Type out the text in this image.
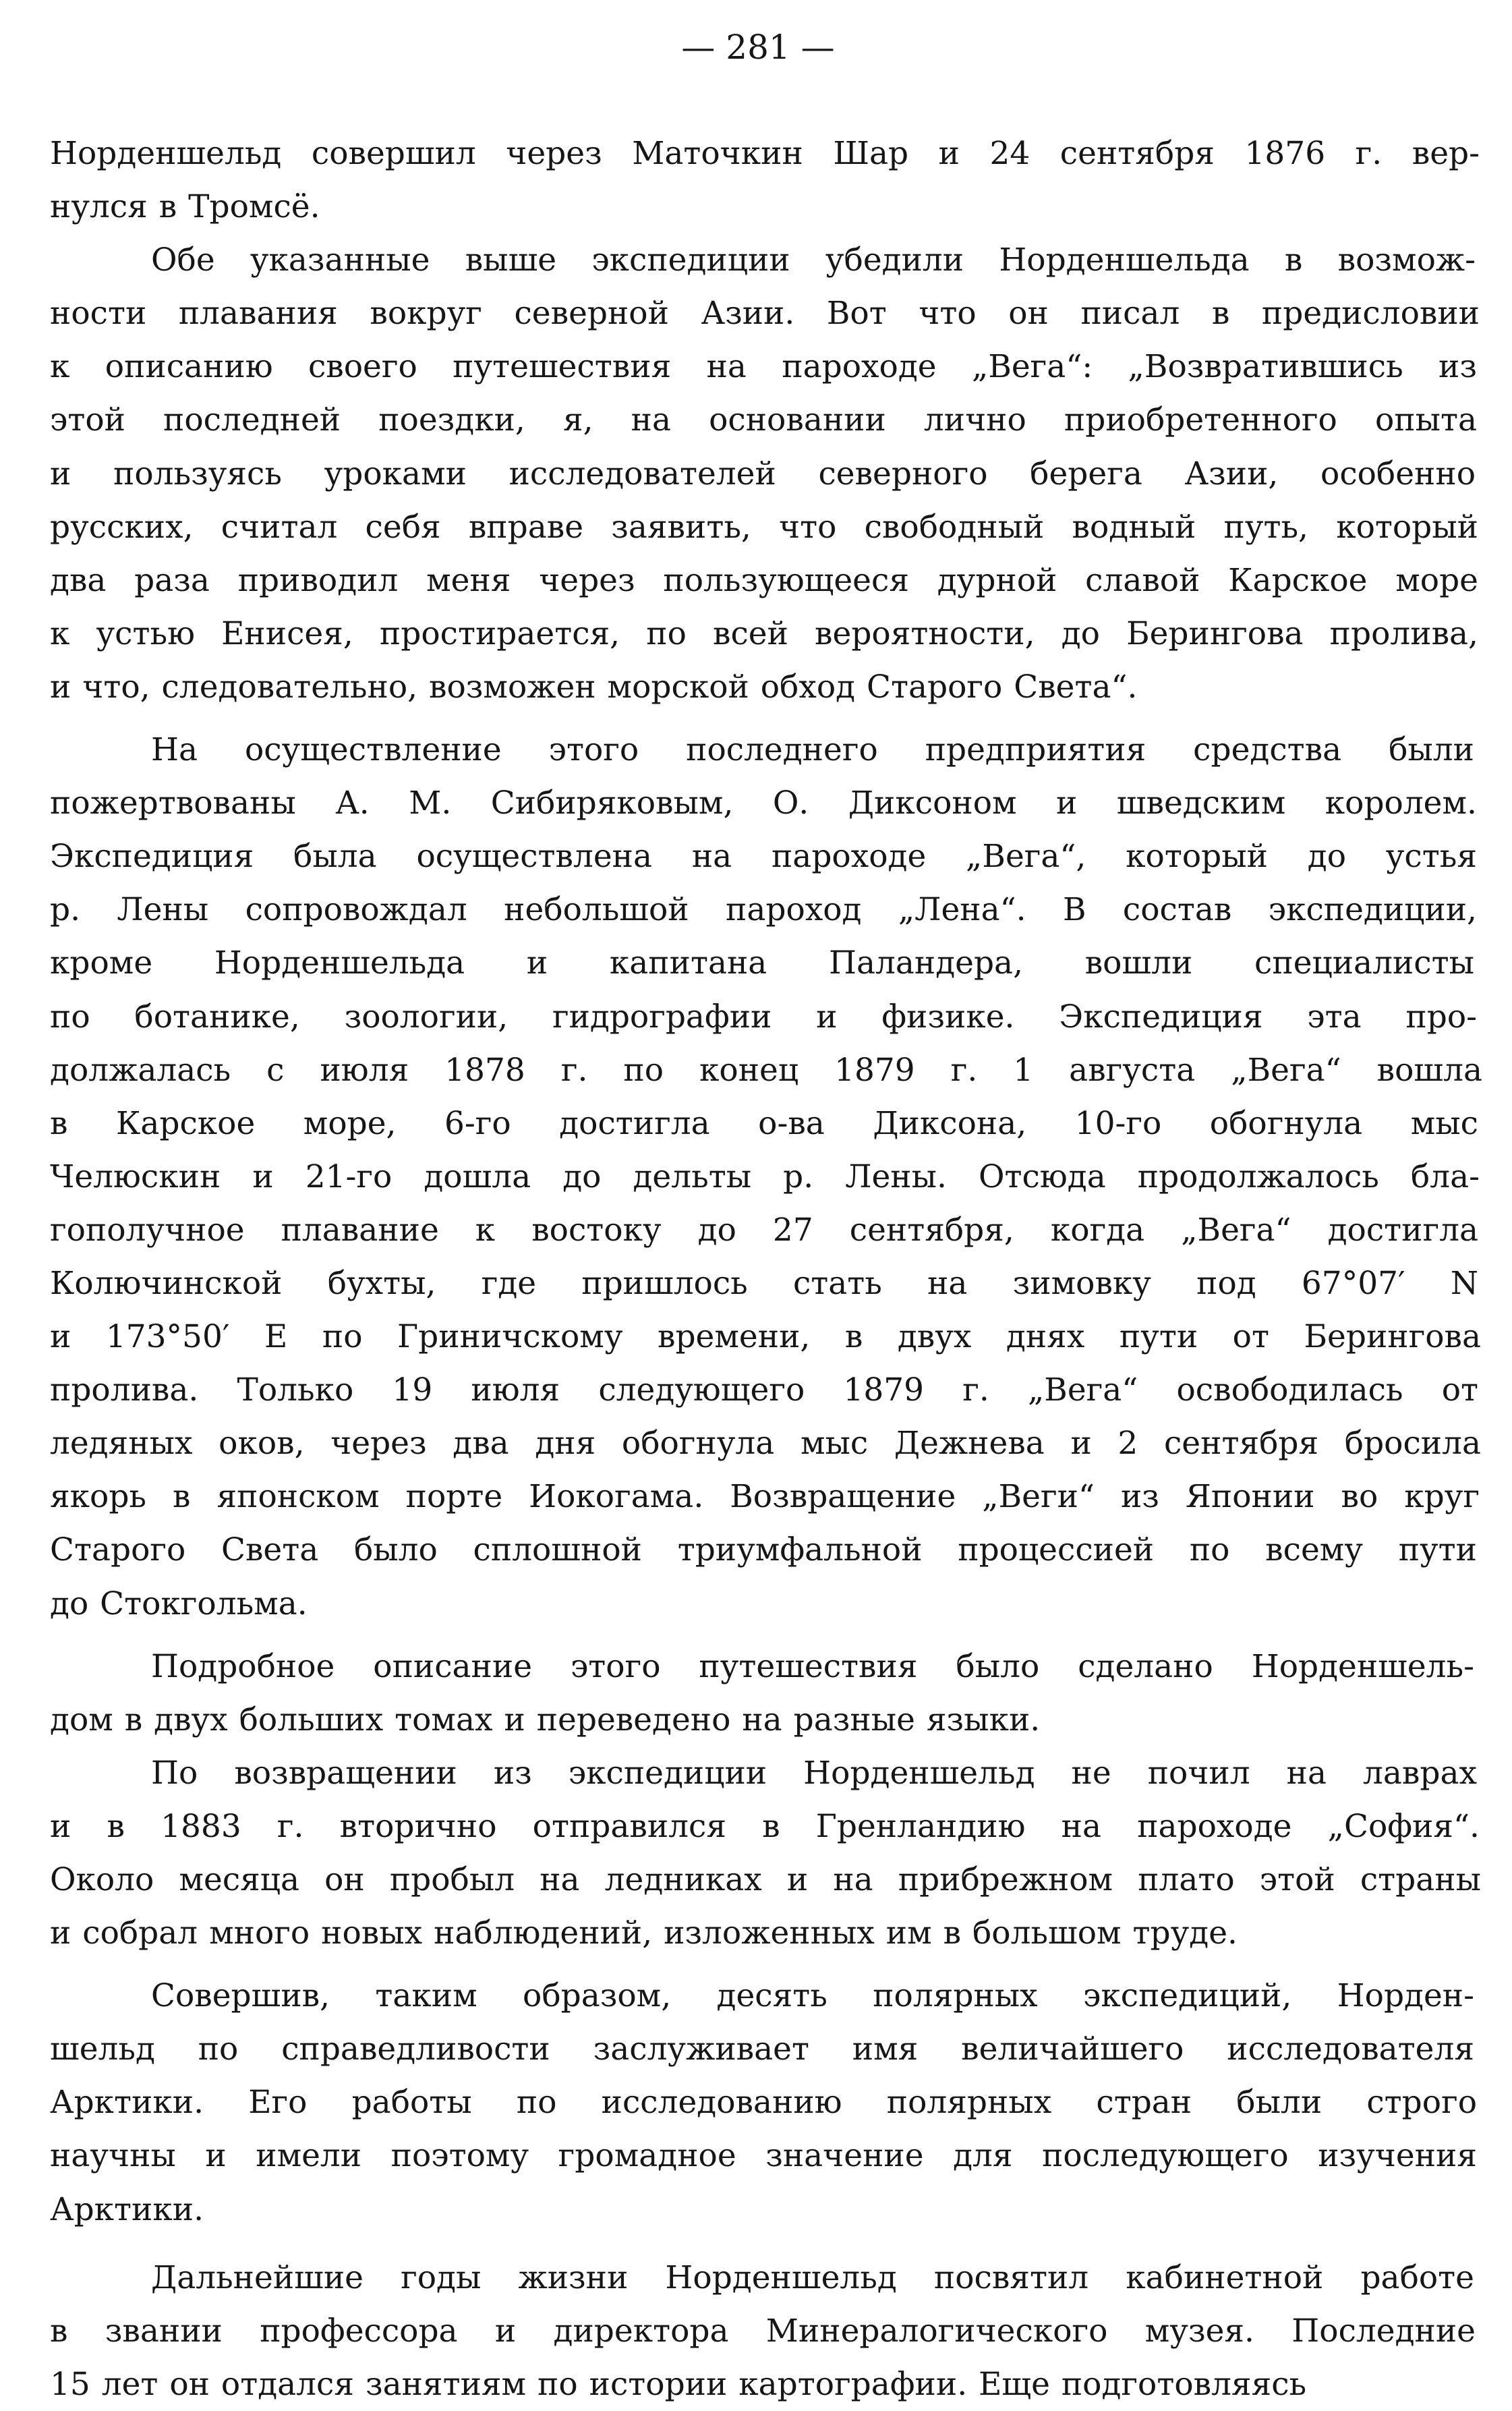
— 281 —
Норденшельд совершил через Маточкин Шар и 24 сентября 1876 г. вер-
нулся в Тромсё.
Обе указанные выше экспедиции убедили Норденшельда в возмож-
ности плавания вокруг северной Азии. Вот что он писал в предисловии
к описанию своего путешествия на пароходе „Вега“: „Возвратившись из
этой последней поездки, я, на основании лично приобретенного опыта
и пользуясь уроками исследователей северного берега Азии, особенно
русских, считал себя вправе заявить, что свободный водный путь, который
два раза приводил меня через пользующееся дурной славой Карское море
к устью Енисея, простирается, по всей вероятности, до Берингова пролива,
и что, следовательно, возможен морской обход Старого Света“.
На осуществление этого последнего предприятия средства были
пожертвованы А. М. Сибиряковым, О. Диксоном и шведским королем.
Экспедиция была осуществлена на пароходе „Вега“, который до устья
р. Лены сопровождал небольшой пароход „Лена“. В состав экспедиции,
кроме Норденшельда и капитана Паландера, вошли специалисты
по ботанике, зоологии, гидрографии и физике. Экспедиция эта про-
должалась с июля 1878 г. по конец 1879 г. 1 августа „Вега“ вошла
в Карское море, 6-го достигла о-ва Диксона, 10-го обогнула мыс
Челюскин и 21-го дошла до дельты р. Лены. Отсюда продолжалось бла-
гополучное плавание к востоку до 27 сентября, когда „Вега“ достигла
Колючинской бухты, где пришлось стать на зимовку под 67°07′ N
и 173°50′ E по Гриничскому времени, в двух днях пути от Берингова
пролива. Только 19 июля следующего 1879 г. „Вега“ освободилась от
ледяных оков, через два дня обогнула мыс Дежнева и 2 сентября бросила
якорь в японском порте Иокогама. Возвращение „Веги“ из Японии во круг
Старого Света было сплошной триумфальной процессией по всему пути
до Стокгольма.
Подробное описание этого путешествия было сделано Норденшель-
дом в двух больших томах и переведено на разные языки.
По возвращении из экспедиции Норденшельд не почил на лаврах
и в 1883 г. вторично отправился в Гренландию на пароходе „София“.
Около месяца он пробыл на ледниках и на прибрежном плато этой страны
и собрал много новых наблюдений, изложенных им в большом труде.
Совершив, таким образом, десять полярных экспедиций, Норден-
шельд по справедливости заслуживает имя величайшего исследователя
Арктики. Его работы по исследованию полярных стран были строго
научны и имели поэтому громадное значение для последующего изучения
Арктики.
Дальнейшие годы жизни Норденшельд посвятил кабинетной работе
в звании профессора и директора Минералогического музея. Последние
15 лет он отдался занятиям по истории картографии. Еще подготовляясь
